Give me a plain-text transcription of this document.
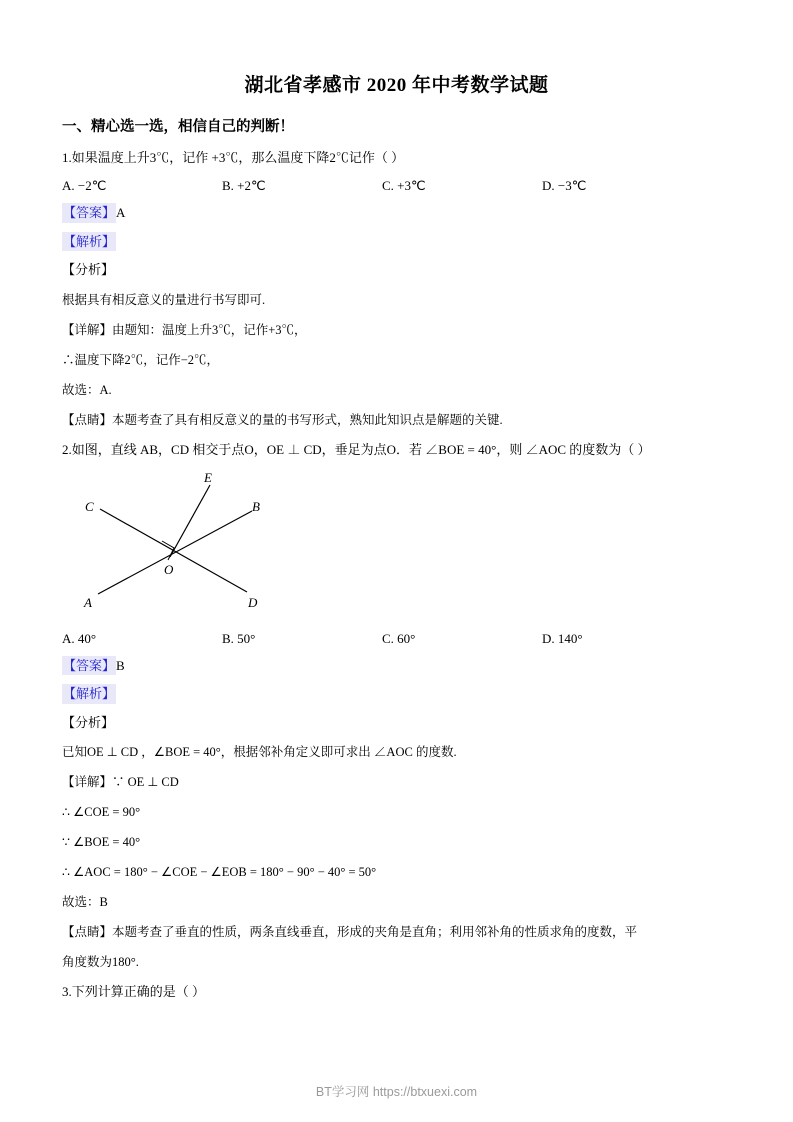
湖北省孝感市 2020 年中考数学试题
一、精心选一选，相信自己的判断！
1.如果温度上升3℃，记作 +3℃，那么温度下降2℃记作（ ）
A. −2℃	B. +2℃	C. +3℃	D. −3℃
【答案】A
【解析】
【分析】
根据具有相反意义的量进行书写即可.
【详解】由题知：温度上升3℃，记作+3℃，
∴温度下降2℃，记作−2℃，
故选：A.
【点睛】本题考查了具有相反意义的量的书写形式，熟知此知识点是解题的关键.
2.如图，直线 AB，CD 相交于点O，OE ⊥ CD，垂足为点O．若 ∠BOE = 40°，则 ∠AOC 的度数为（ ）
E
C	B
O
A	D
A. 40°	B. 50°	C. 60°	D. 140°
【答案】B
【解析】
【分析】
已知OE ⊥ CD ，∠BOE = 40°，根据邻补角定义即可求出 ∠AOC 的度数.
【详解】∵ OE ⊥ CD
∴ ∠COE = 90°
∵ ∠BOE = 40°
∴ ∠AOC = 180° − ∠COE − ∠EOB = 180° − 90° − 40° = 50°
故选：B
【点睛】本题考查了垂直的性质，两条直线垂直，形成的夹角是直角；利用邻补角的性质求角的度数，平
角度数为180°.
3.下列计算正确的是（ ）
BT学习网 https://btxuexi.com
